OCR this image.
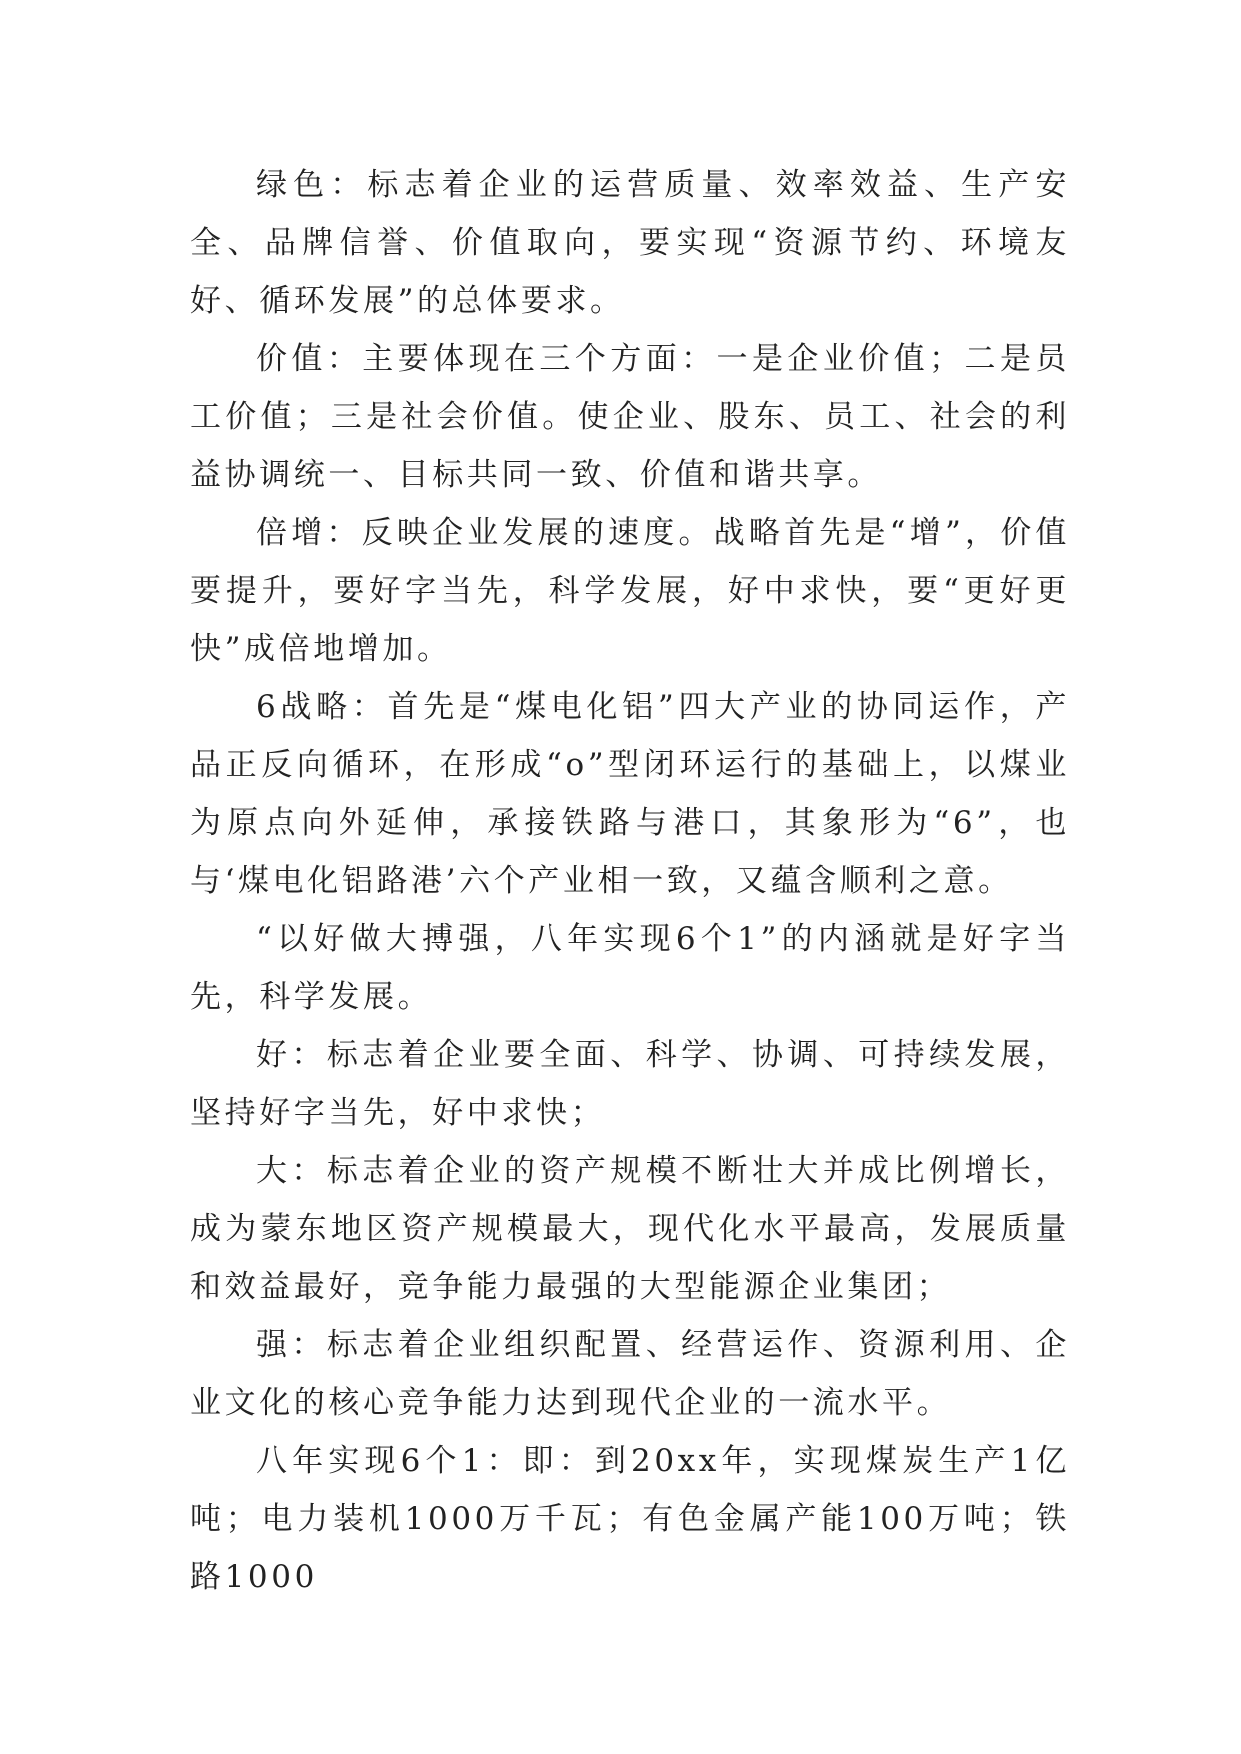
绿色：标志着企业的运营质量、效率效益、生产安全、品牌信誉、价值取向，要实现“资源节约、环境友好、循环发展”的总体要求。

价值：主要体现在三个方面：一是企业价值；二是员工价值；三是社会价值。使企业、股东、员工、社会的利益协调统一、目标共同一致、价值和谐共享。

倍增：反映企业发展的速度。战略首先是“增”，价值要提升，要好字当先，科学发展，好中求快，要“更好更快”成倍地增加。

6战略：首先是“煤电化铝”四大产业的协同运作，产品正反向循环，在形成“o”型闭环运行的基础上，以煤业为原点向外延伸，承接铁路与港口，其象形为“6”，也与‘煤电化铝路港’六个产业相一致，又蕴含顺利之意。

“以好做大搏强，八年实现6个1”的内涵就是好字当先，科学发展。

好：标志着企业要全面、科学、协调、可持续发展，坚持好字当先，好中求快；

大：标志着企业的资产规模不断壮大并成比例增长，成为蒙东地区资产规模最大，现代化水平最高，发展质量和效益最好，竞争能力最强的大型能源企业集团；

强：标志着企业组织配置、经营运作、资源利用、企业文化的核心竞争能力达到现代企业的一流水平。

八年实现6个1：即：到20xx年，实现煤炭生产1亿吨；电力装机1000万千瓦；有色金属产能100万吨；铁路1000
